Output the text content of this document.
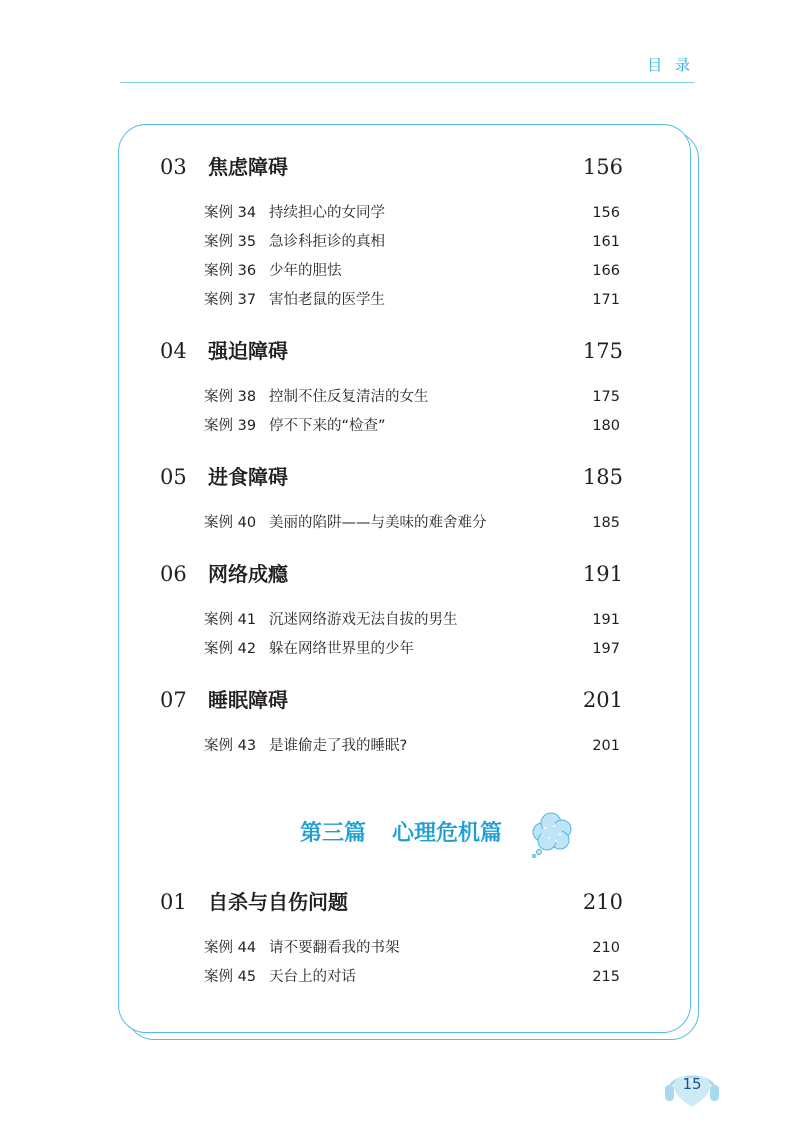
目 录
03 焦虑障碍	156
案例 34 持续担心的女同学	156
案例 35 急诊科拒诊的真相	161
案例 36 少年的胆怯	166
案例 37 害怕老鼠的医学生	171
04 强迫障碍	175
案例 38 控制不住反复清洁的女生	175
案例 39 停不下来的“检查”	180
05 进食障碍	185
案例 40 美丽的陷阱——与美味的难舍难分	185
06 网络成瘾	191
案例 41 沉迷网络游戏无法自拔的男生	191
案例 42 躲在网络世界里的少年	197
07 睡眠障碍	201
案例 43 是谁偷走了我的睡眠?	201
第三篇 心理危机篇
01 自杀与自伤问题	210
案例 44 请不要翻看我的书架	210
案例 45 天台上的对话	215
15
